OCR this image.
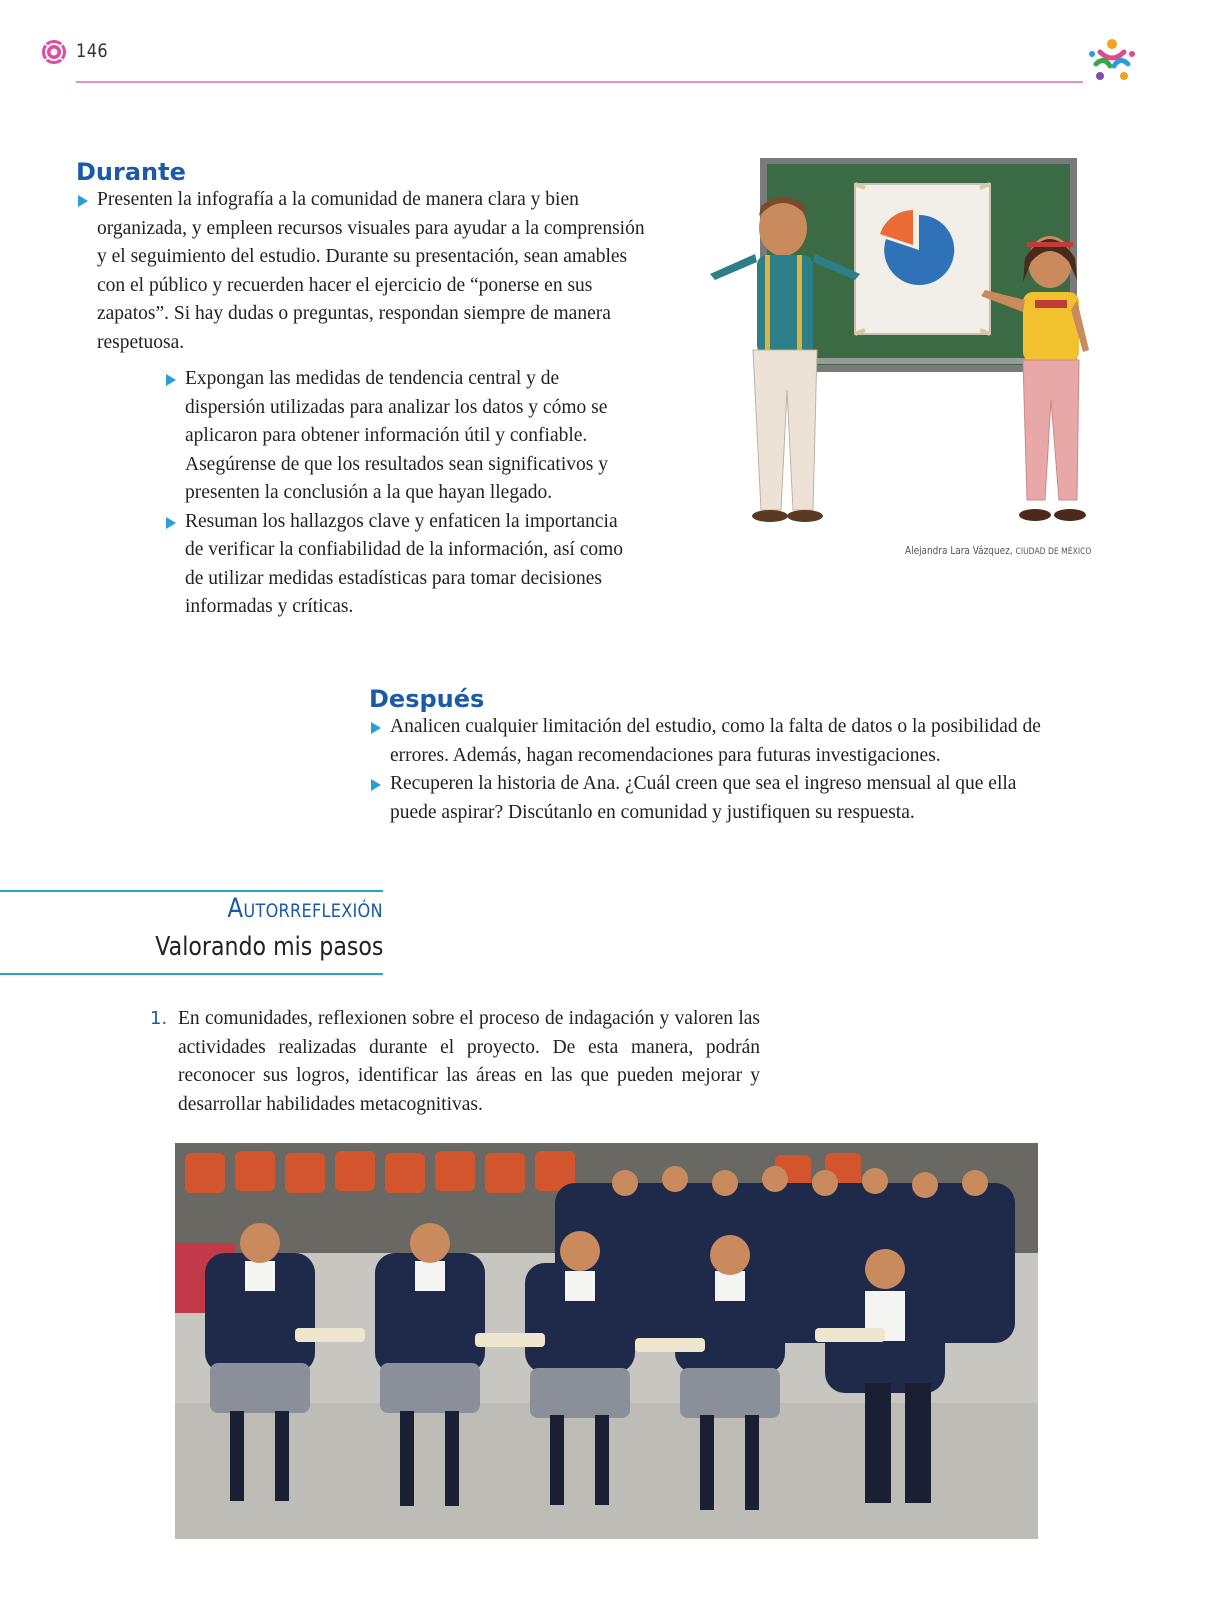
146
Durante
Presenten la infografía a la comunidad de manera clara y bien organizada, y empleen recursos visuales para ayudar a la comprensión y el seguimiento del estudio. Durante su presentación, sean amables con el público y recuerden hacer el ejercicio de “ponerse en sus zapatos”. Si hay dudas o preguntas, respondan siempre de manera respetuosa.
Expongan las medidas de tendencia central y de dispersión utilizadas para analizar los datos y cómo se aplicaron para obtener información útil y confiable. Asegúrense de que los resultados sean significativos y presenten la conclusión a la que hayan llegado.
Resuman los hallazgos clave y enfaticen la importancia de verificar la confiabilidad de la información, así como de utilizar medidas estadísticas para tomar decisiones informadas y críticas.
Alejandra Lara Vázquez, CIUDAD DE MÉXICO
Después
Analicen cualquier limitación del estudio, como la falta de datos o la posibilidad de errores. Además, hagan recomendaciones para futuras investigaciones.
Recuperen la historia de Ana. ¿Cuál creen que sea el ingreso mensual al que ella puede aspirar? Discútanlo en comunidad y justifiquen su respuesta.
Autorreflexión
Valorando mis pasos
1. En comunidades, reflexionen sobre el proceso de indagación y valoren las actividades realizadas durante el proyecto. De esta manera, podrán reconocer sus logros, identificar las áreas en las que pueden mejorar y desarrollar habilidades metacognitivas.
